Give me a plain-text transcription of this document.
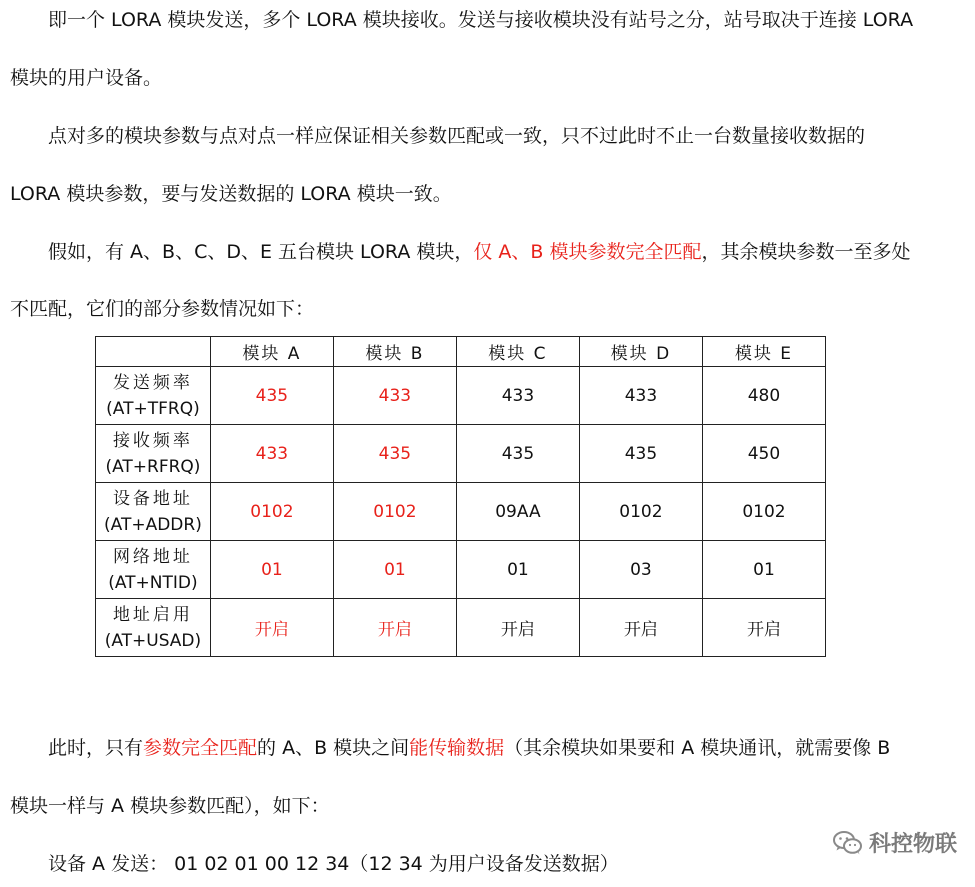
即一个 LORA 模块发送，多个 LORA 模块接收。发送与接收模块没有站号之分，站号取决于连接 LORA
模块的用户设备。
点对多的模块参数与点对点一样应保证相关参数匹配或一致，只不过此时不止一台数量接收数据的
LORA 模块参数，要与发送数据的 LORA 模块一致。
假如，有 A、B、C、D、E 五台模块 LORA 模块，仅 A、B 模块参数完全匹配，其余模块参数一至多处
不匹配，它们的部分参数情况如下：
	模块 A	模块 B	模块 C	模块 D	模块 E

发送频率
(AT+TFRQ)	435	433	433	433	480

接收频率
(AT+RFRQ)	433	435	435	435	450

设备地址
(AT+ADDR)	0102	0102	09AA	0102	0102

网络地址
(AT+NTID)	01	01	01	03	01

地址启用
(AT+USAD)	开启	开启	开启	开启	开启
此时，只有参数完全匹配的 A、B 模块之间能传输数据（其余模块如果要和 A 模块通讯，就需要像 B
模块一样与 A 模块参数匹配），如下：
设备 A 发送： 01 02 01 00 12 34（12 34 为用户设备发送数据）
科控物联
